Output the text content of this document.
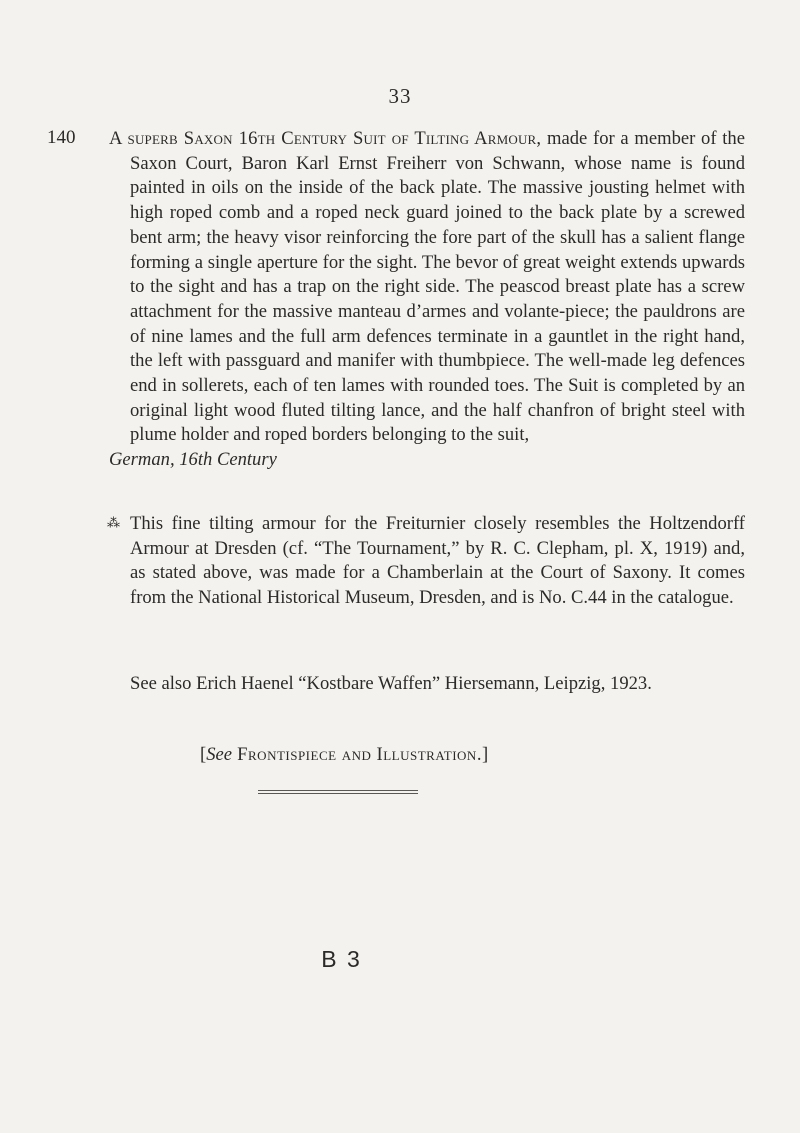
33
140 A superb Saxon 16th Century Suit of Tilting Armour, made for a member of the Saxon Court, Baron Karl Ernst Freiherr von Schwann, whose name is found painted in oils on the inside of the back plate. The massive jousting helmet with high roped comb and a roped neck guard joined to the back plate by a screwed bent arm; the heavy visor reinforcing the fore part of the skull has a salient flange forming a single aperture for the sight. The bevor of great weight extends upwards to the sight and has a trap on the right side. The peascod breast plate has a screw attachment for the massive manteau d’armes and volante-piece; the pauldrons are of nine lames and the full arm defences terminate in a gauntlet in the right hand, the left with passguard and manifer with thumbpiece. The well-made leg defences end in sollerets, each of ten lames with rounded toes. The Suit is completed by an original light wood fluted tilting lance, and the half chanfron of bright steel with plume holder and roped borders belonging to the suit,
German, 16th Century
⁂ This fine tilting armour for the Freiturnier closely resembles the Holtzendorff Armour at Dresden (cf. “The Tournament,” by R. C. Clepham, pl. X, 1919) and, as stated above, was made for a Chamberlain at the Court of Saxony. It comes from the National Historical Museum, Dresden, and is No. C.44 in the catalogue.
See also Erich Haenel “Kostbare Waffen” Hiersemann, Leipzig, 1923.
[See Frontispiece and Illustration.]
B 3
